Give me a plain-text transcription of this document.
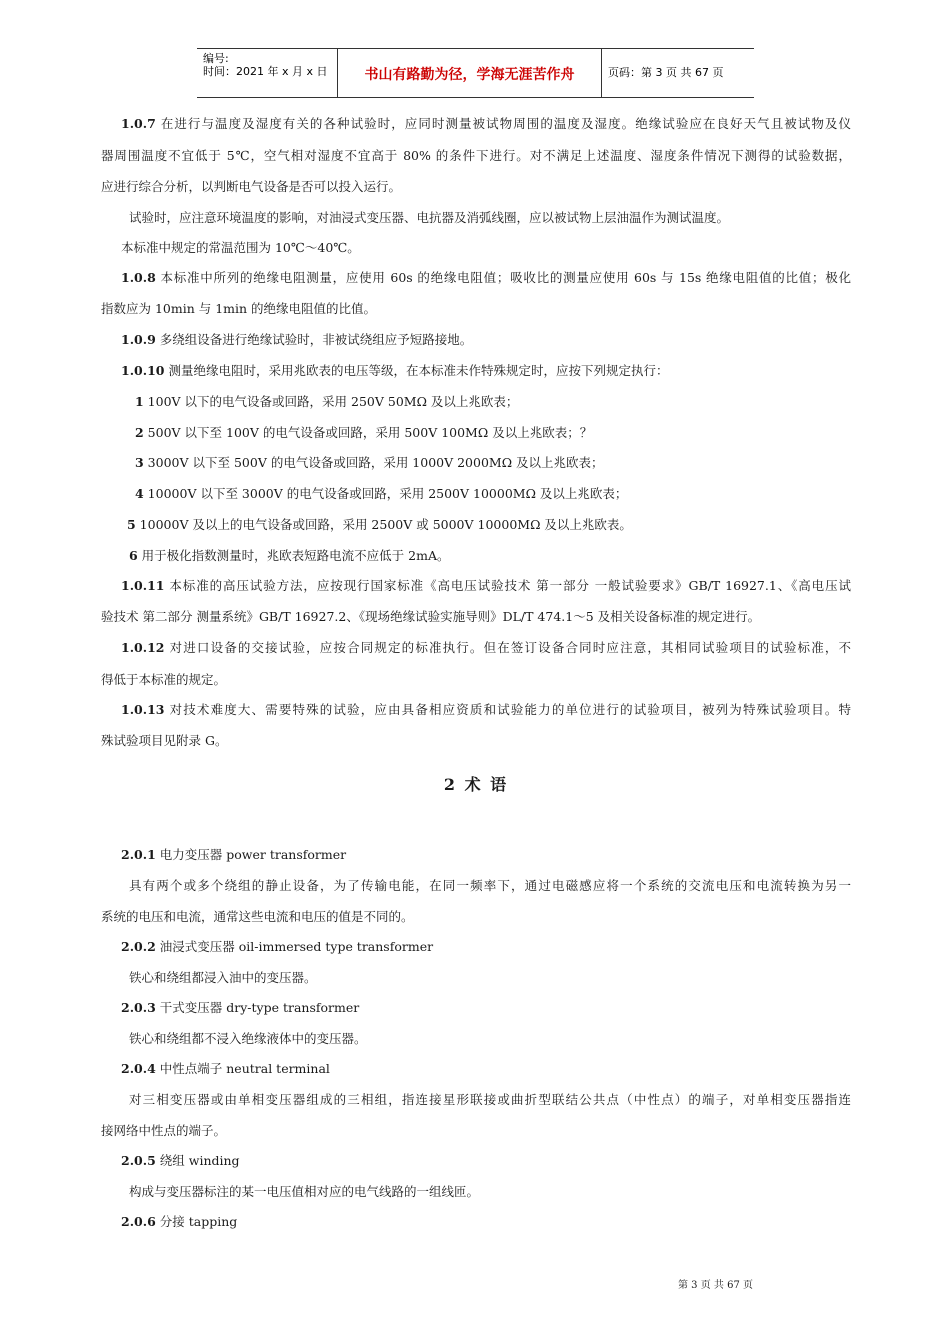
编号:
时间：2021 年 x 月 x 日	书山有路勤为径，学海无涯苦作舟	页码：第 3 页 共 67 页
1.0.7 在进行与温度及湿度有关的各种试验时，应同时测量被试物周围的温度及湿度。绝缘试验应在良好天气且被试物及仪
器周围温度不宜低于 5℃，空气相对湿度不宜高于 80% 的条件下进行。对不满足上述温度、湿度条件情况下测得的试验数据，
应进行综合分析，以判断电气设备是否可以投入运行。
试验时，应注意环境温度的影响，对油浸式变压器、电抗器及消弧线圈，应以被试物上层油温作为测试温度。
本标准中规定的常温范围为 10℃～40℃。
1.0.8 本标准中所列的绝缘电阻测量，应使用 60s 的绝缘电阻值；吸收比的测量应使用 60s 与 15s 绝缘电阻值的比值；极化
指数应为 10min 与 1min 的绝缘电阻值的比值。
1.0.9 多绕组设备进行绝缘试验时，非被试绕组应予短路接地。
1.0.10 测量绝缘电阻时，采用兆欧表的电压等级，在本标准未作特殊规定时，应按下列规定执行：
1 100V 以下的电气设备或回路，采用 250V 50MΩ 及以上兆欧表；
2 500V 以下至 100V 的电气设备或回路，采用 500V 100MΩ 及以上兆欧表；？
3 3000V 以下至 500V 的电气设备或回路，采用 1000V 2000MΩ 及以上兆欧表；
4 10000V 以下至 3000V 的电气设备或回路，采用 2500V 10000MΩ 及以上兆欧表；
5 10000V 及以上的电气设备或回路，采用 2500V 或 5000V 10000MΩ 及以上兆欧表。
6 用于极化指数测量时，兆欧表短路电流不应低于 2mA。
1.0.11 本标准的高压试验方法，应按现行国家标准《高电压试验技术 第一部分 一般试验要求》GB/T 16927.1、《高电压试
验技术 第二部分 测量系统》GB/T 16927.2、《现场绝缘试验实施导则》DL/T 474.1～5 及相关设备标准的规定进行。
1.0.12 对进口设备的交接试验，应按合同规定的标准执行。但在签订设备合同时应注意，其相同试验项目的试验标准，不
得低于本标准的规定。
1.0.13 对技术难度大、需要特殊的试验，应由具备相应资质和试验能力的单位进行的试验项目，被列为特殊试验项目。特
殊试验项目见附录 G。
2 术 语
2.0.1 电力变压器 power transformer
具有两个或多个绕组的静止设备，为了传输电能，在同一频率下，通过电磁感应将一个系统的交流电压和电流转换为另一
系统的电压和电流，通常这些电流和电压的值是不同的。
2.0.2 油浸式变压器 oil-immersed type transformer
铁心和绕组都浸入油中的变压器。
2.0.3 干式变压器 dry-type transformer
铁心和绕组都不浸入绝缘液体中的变压器。
2.0.4 中性点端子 neutral terminal
对三相变压器或由单相变压器组成的三相组，指连接星形联接或曲折型联结公共点（中性点）的端子，对单相变压器指连
接网络中性点的端子。
2.0.5 绕组 winding
构成与变压器标注的某一电压值相对应的电气线路的一组线匝。
2.0.6 分接 tapping
第 3 页 共 67 页
